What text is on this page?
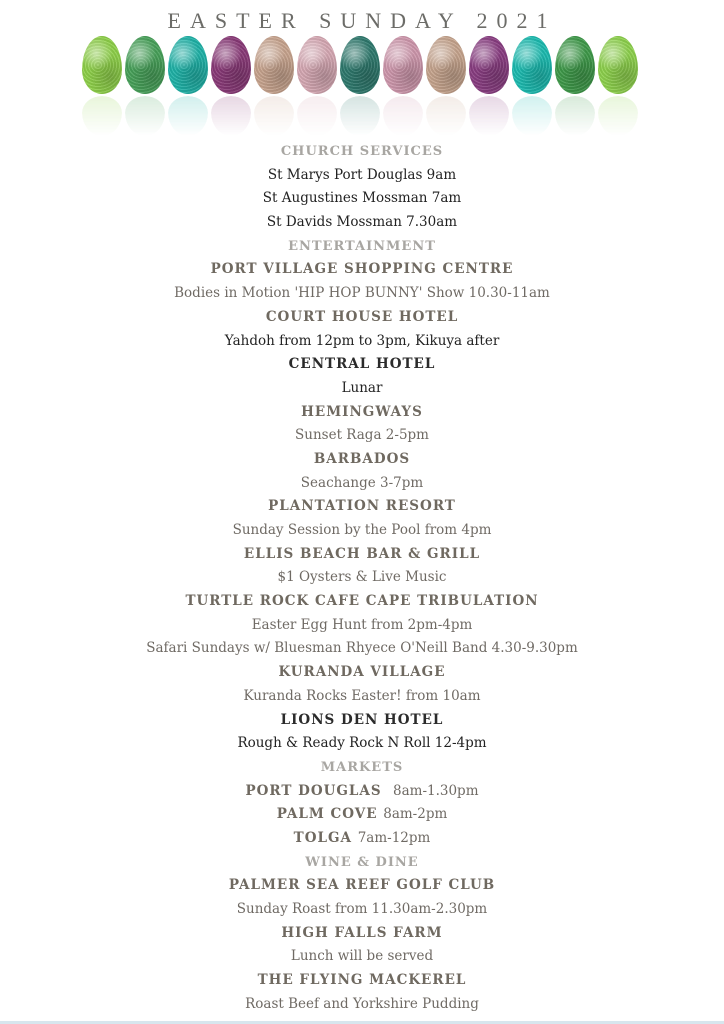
EASTER SUNDAY 2021
CHURCH SERVICES
St Marys Port Douglas 9am
St Augustines Mossman 7am
St Davids Mossman 7.30am
ENTERTAINMENT
PORT VILLAGE SHOPPING CENTRE
Bodies in Motion 'HIP HOP BUNNY' Show 10.30-11am
COURT HOUSE HOTEL
Yahdoh from 12pm to 3pm, Kikuya after
CENTRAL HOTEL
Lunar
HEMINGWAYS
Sunset Raga 2-5pm
BARBADOS
Seachange 3-7pm
PLANTATION RESORT
Sunday Session by the Pool from 4pm
ELLIS BEACH BAR & GRILL
$1 Oysters & Live Music
TURTLE ROCK CAFE CAPE TRIBULATION
Easter Egg Hunt from 2pm-4pm
Safari Sundays w/ Bluesman Rhyece O'Neill Band 4.30-9.30pm
KURANDA VILLAGE
Kuranda Rocks Easter! from 10am
LIONS DEN HOTEL
Rough & Ready Rock N Roll 12-4pm
MARKETS
PORT DOUGLAS 8am-1.30pm
PALM COVE 8am-2pm
TOLGA 7am-12pm
WINE & DINE
PALMER SEA REEF GOLF CLUB
Sunday Roast from 11.30am-2.30pm
HIGH FALLS FARM
Lunch will be served
THE FLYING MACKEREL
Roast Beef and Yorkshire Pudding
